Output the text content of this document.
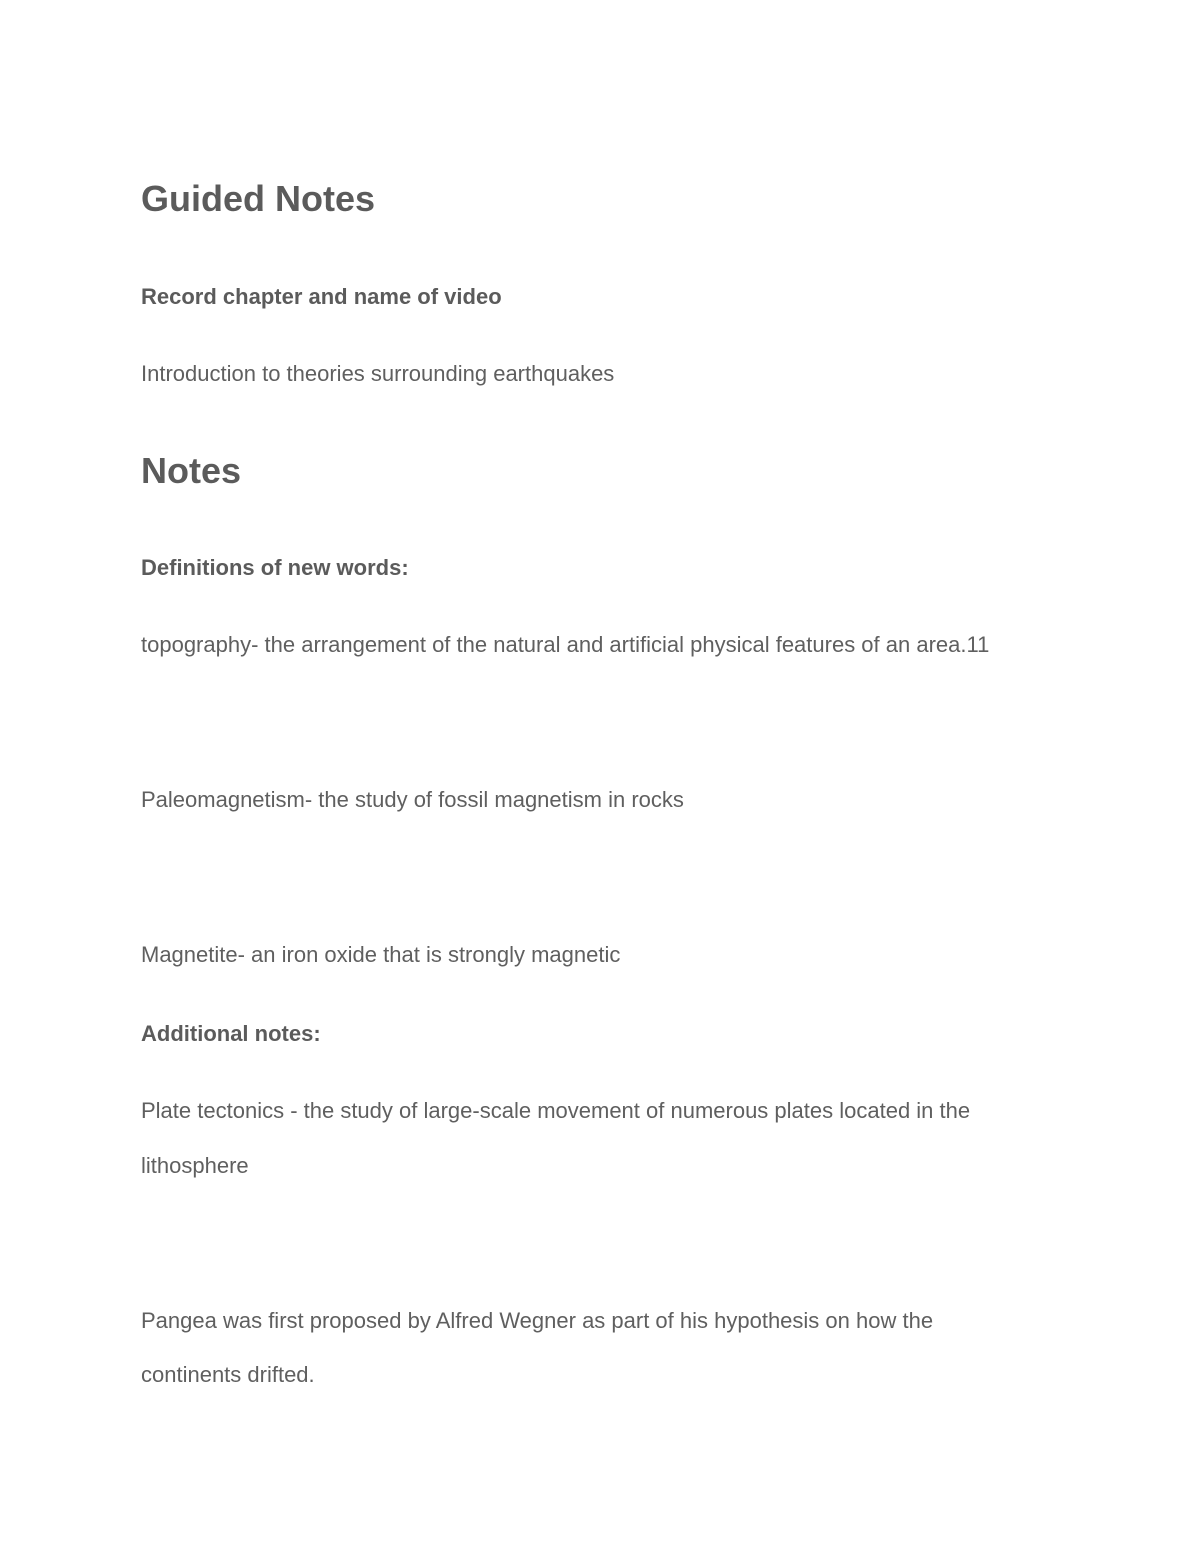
Guided Notes

Record chapter and name of video

Introduction to theories surrounding earthquakes

Notes

Definitions of new words:

topography- the arrangement of the natural and artificial physical features of an area.11

Paleomagnetism- the study of fossil magnetism in rocks

Magnetite- an iron oxide that is strongly magnetic

Additional notes:

Plate tectonics - the study of large-scale movement of numerous plates located in the

lithosphere

Pangea was first proposed by Alfred Wegner as part of his hypothesis on how the

continents drifted.
